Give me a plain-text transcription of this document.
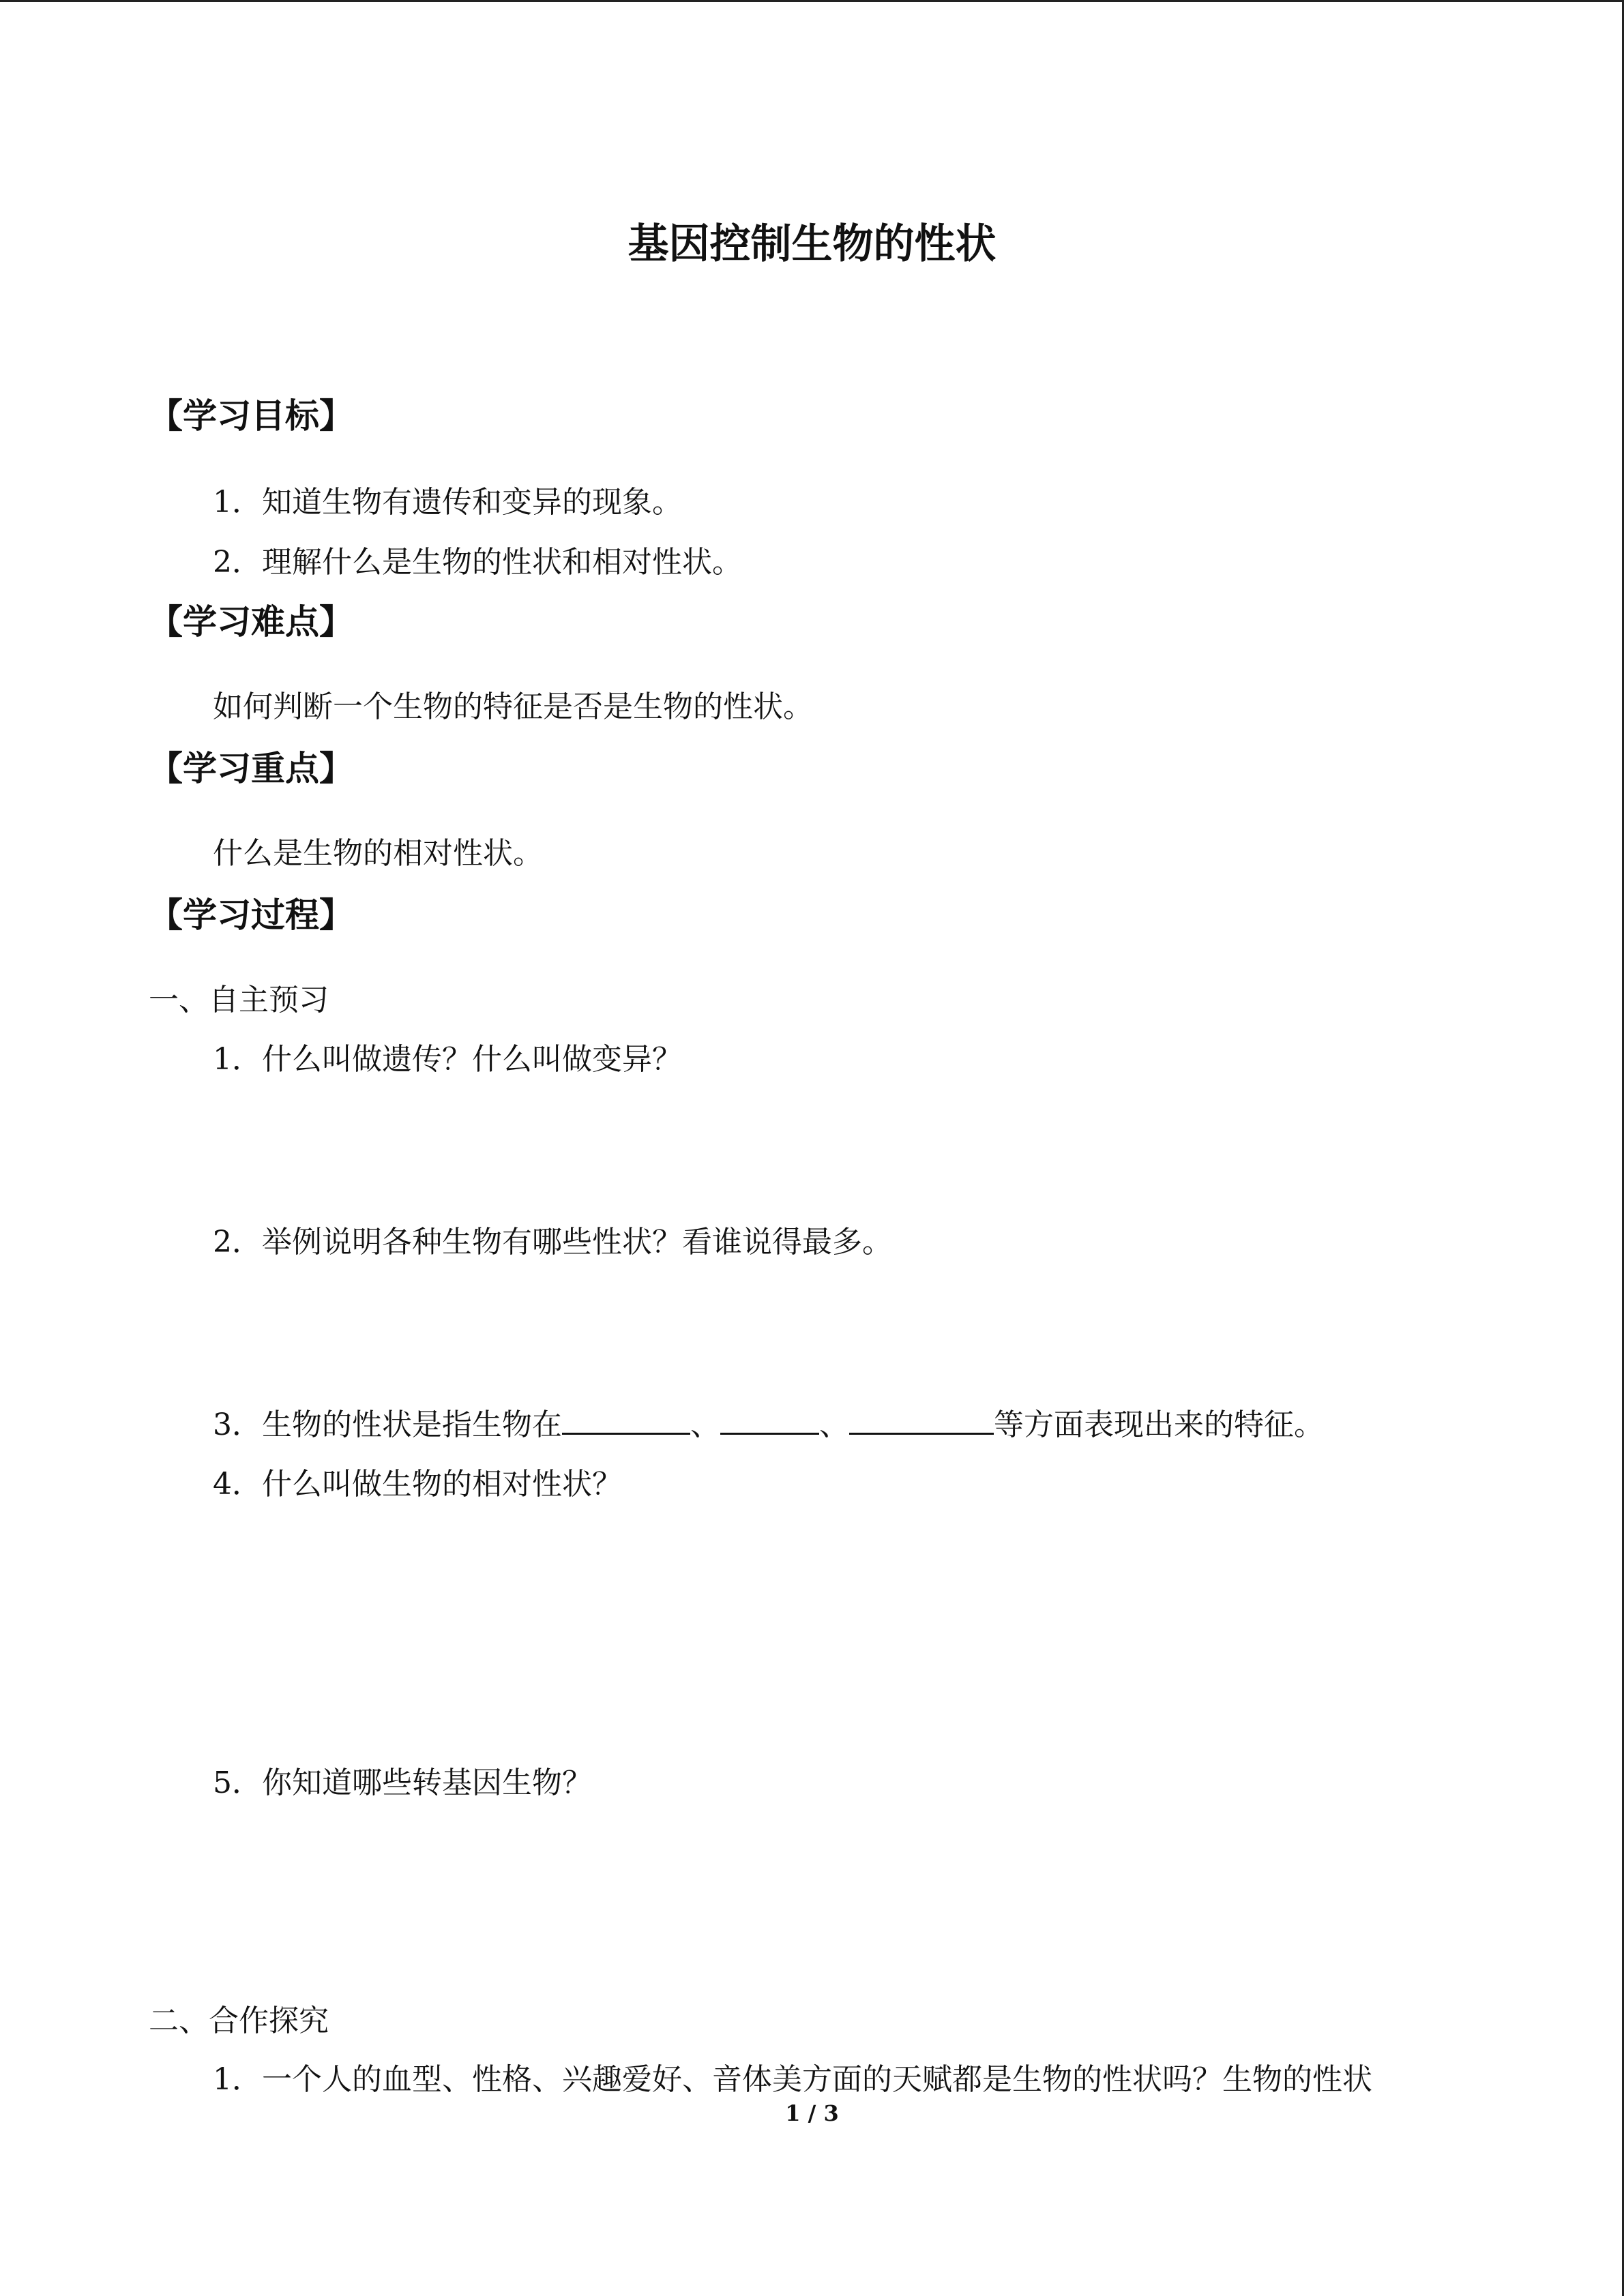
基因控制生物的性状
【学习目标】
1．知道生物有遗传和变异的现象。
2．理解什么是生物的性状和相对性状。
【学习难点】
如何判断一个生物的特征是否是生物的性状。
【学习重点】
什么是生物的相对性状。
【学习过程】
一、自主预习
1．什么叫做遗传？什么叫做变异？
2．举例说明各种生物有哪些性状？看谁说得最多。
3．生物的性状是指生物在	、	、	等方面表现出来的特征。
4．什么叫做生物的相对性状？
5．你知道哪些转基因生物？
二、合作探究
1．一个人的血型、性格、兴趣爱好、音体美方面的天赋都是生物的性状吗？生物的性状
1 / 3
